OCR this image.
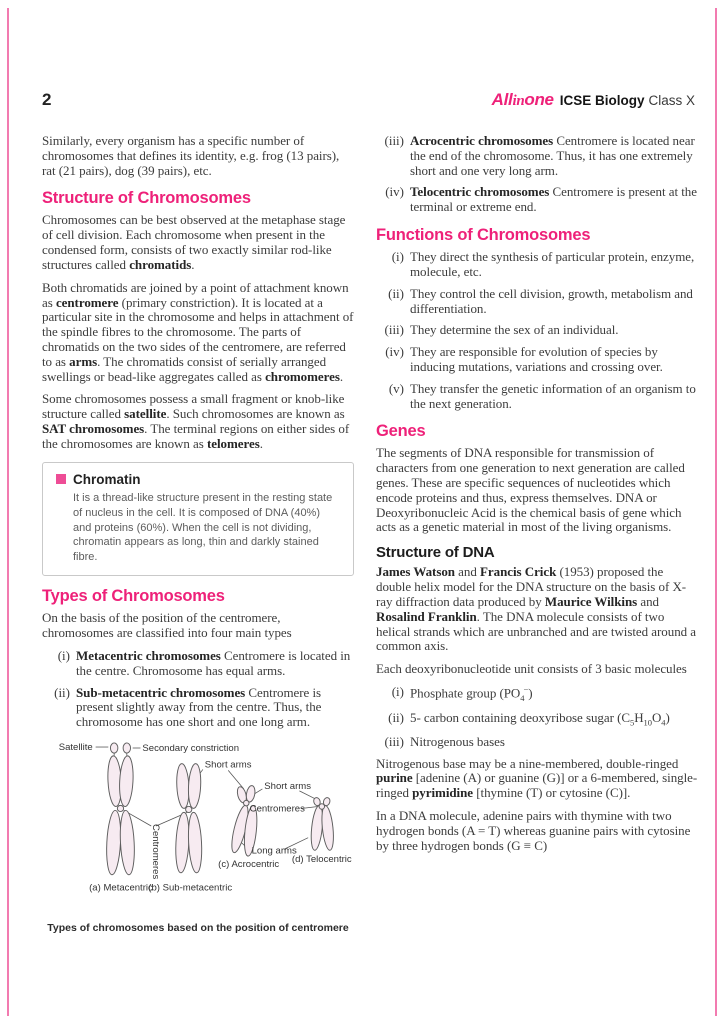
2	Allinone ICSE Biology Class X

Similarly, every organism has a specific number of chromosomes that defines its identity, e.g. frog (13 pairs), rat (21 pairs), dog (39 pairs), etc.

Structure of Chromosomes

Chromosomes can be best observed at the metaphase stage of cell division. Each chromosome when present in the condensed form, consists of two exactly similar rod-like structures called chromatids.

Both chromatids are joined by a point of attachment known as centromere (primary constriction). It is located at a particular site in the chromosome and helps in attachment of the spindle fibres to the chromosome. The parts of chromatids on the two sides of the centromere, are referred to as arms. The chromatids consist of serially arranged swellings or bead-like aggregates called as chromomeres.

Some chromosomes possess a small fragment or knob-like structure called satellite. Such chromosomes are known as SAT chromosomes. The terminal regions on either sides of the chromosomes are known as telomeres.

Chromatin

It is a thread-like structure present in the resting state of nucleus in the cell. It is composed of DNA (40%) and proteins (60%). When the cell is not dividing, chromatin appears as long, thin and darkly stained fibre.

Types of Chromosomes

On the basis of the position of the centromere, chromosomes are classified into four main types

(i) Metacentric chromosomes Centromere is located in the centre. Chromosome has equal arms.
(ii) Sub-metacentric chromosomes Centromere is present slightly away from the centre. Thus, the chromosome has one short and one long arm.
Satellite	Secondary constriction
Short arms
Short arms
Centromeres
Centromeres
Long arms
(a) Metacentric
(b) Sub-metacentric
(c) Acrocentric (d) Telocentric
Types of chromosomes based on the position of centromere
(iii) Acrocentric chromosomes Centromere is located near the end of the chromosome. Thus, it has one extremely short and one very long arm.
(iv) Telocentric chromosomes Centromere is present at the terminal or extreme end.
Functions of Chromosomes
(i) They direct the synthesis of particular protein, enzyme, molecule, etc.
(ii) They control the cell division, growth, metabolism and differentiation.
(iii) They determine the sex of an individual.
(iv) They are responsible for evolution of species by inducing mutations, variations and crossing over.
(v) They transfer the genetic information of an organism to the next generation.
Genes

The segments of DNA responsible for transmission of characters from one generation to next generation are called genes. These are specific sequences of nucleotides which encode proteins and thus, express themselves. DNA or Deoxyribonucleic Acid is the chemical basis of gene which acts as a genetic material in most of the living organisms.

Structure of DNA

James Watson and Francis Crick (1953) proposed the double helix model for the DNA structure on the basis of X-ray diffraction data produced by Maurice Wilkins and Rosalind Franklin. The DNA molecule consists of two helical strands which are unbranched and are twisted around a common axis.

Each deoxyribonucleotide unit consists of 3 basic molecules

(i) Phosphate group $(PO_4^-)$
(ii) 5- carbon containing deoxyribose sugar $(C_5H_{10}O_4)$
(iii) Nitrogenous bases

Nitrogenous base may be a nine-membered, double-ringed purine [adenine (A) or guanine (G)] or a 6-membered, single-ringed pyrimidine [thymine (T) or cytosine (C)].

In a DNA molecule, adenine pairs with thymine with two hydrogen bonds (A = T) whereas guanine pairs with cytosine by three hydrogen bonds (G ≡ C)
